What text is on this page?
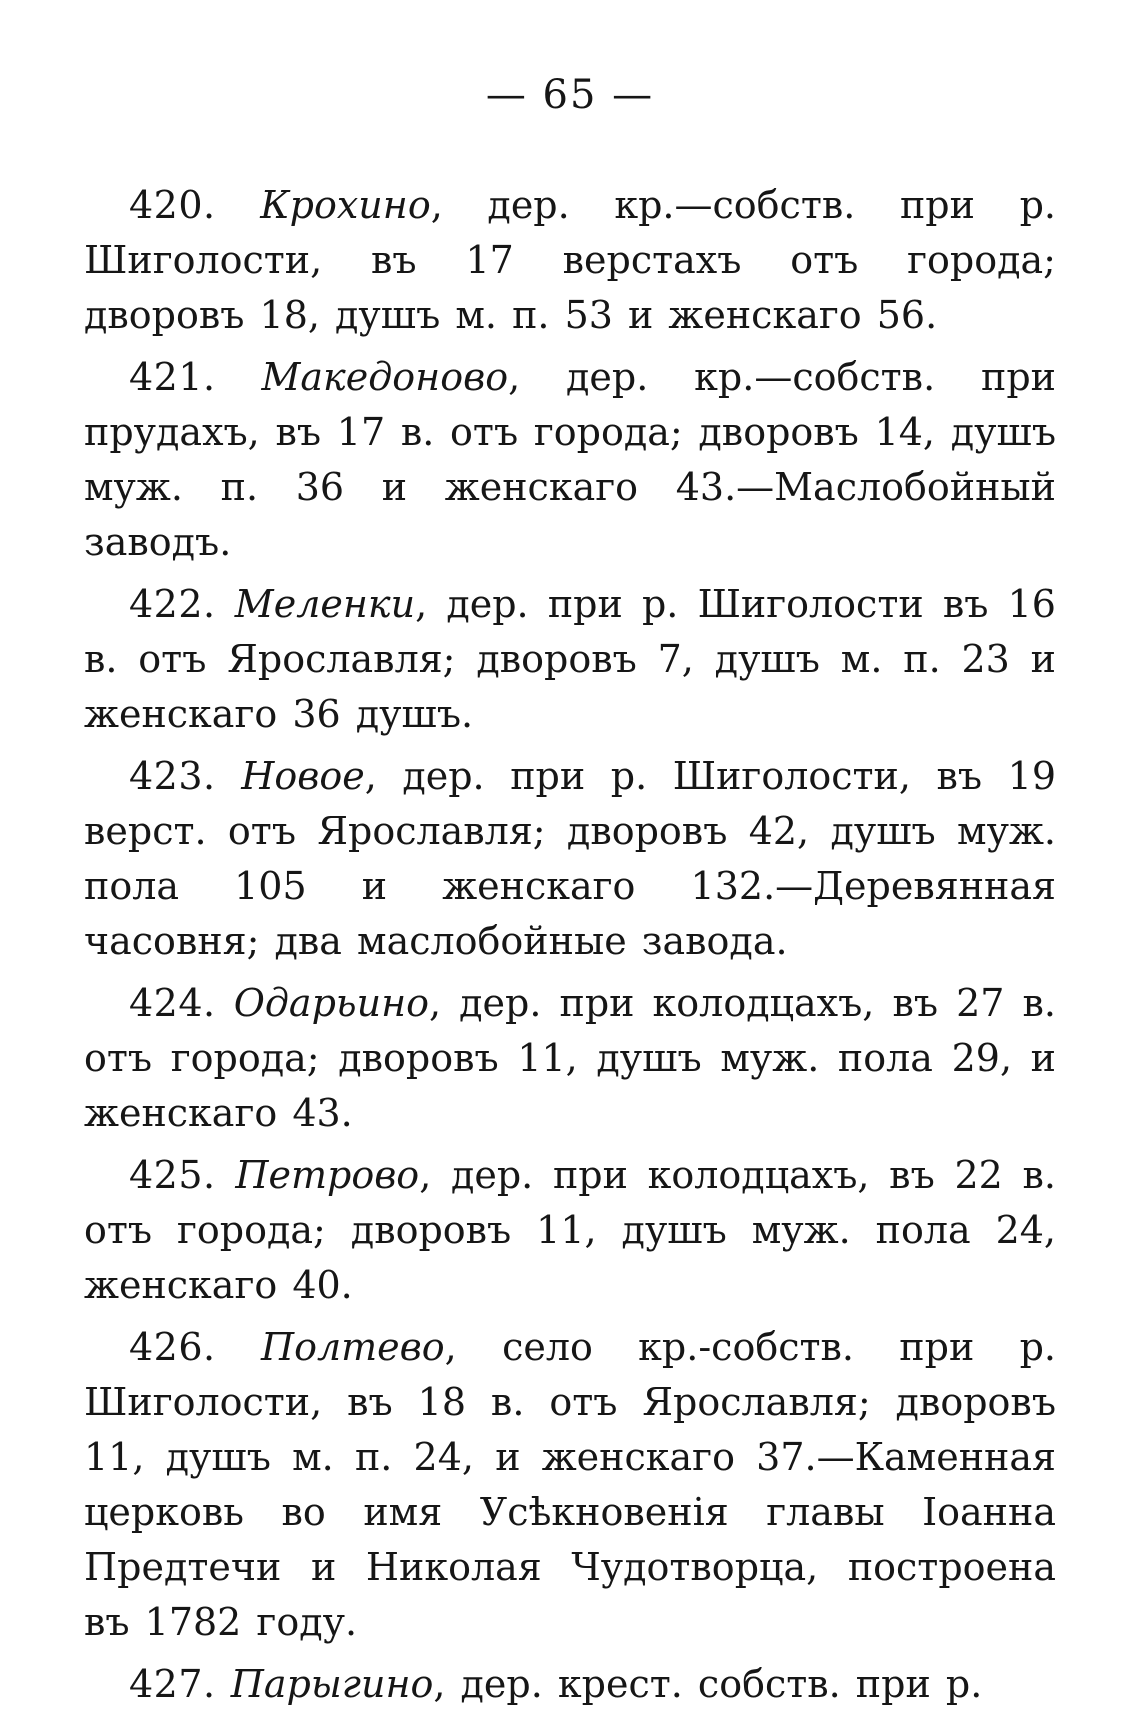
— 65 —

420. Крохино, дер. кр.—собств. при р. Шиголости, въ 17 верстахъ отъ города; дворовъ 18, душъ м. п. 53 и женскаго 56.

421. Македоново, дер. кр.—собств. при прудахъ, въ 17 в. отъ города; дворовъ 14, душъ муж. п. 36 и женскаго 43.—Маслобойный заводъ.

422. Меленки, дер. при р. Шиголости въ 16 в. отъ Ярославля; дворовъ 7, душъ м. п. 23 и женскаго 36 душъ.

423. Новое, дер. при р. Шиголости, въ 19 верст. отъ Ярославля; дворовъ 42, душъ муж. пола 105 и женскаго 132.—Деревянная часовня; два маслобойные завода.

424. Одарьино, дер. при колодцахъ, въ 27 в. отъ города; дворовъ 11, душъ муж. пола 29, и женскаго 43.

425. Петрово, дер. при колодцахъ, въ 22 в. отъ города; дворовъ 11, душъ муж. пола 24, женскаго 40.

426. Полтево, село кр.-собств. при р. Шиголости, въ 18 в. отъ Ярославля; дворовъ 11, душъ м. п. 24, и женскаго 37.—Каменная церковь во имя Усѣкновенія главы Іоанна Предтечи и Николая Чудотворца, построена въ 1782 году.

427. Парыгино, дер. крест. собств. при р.
